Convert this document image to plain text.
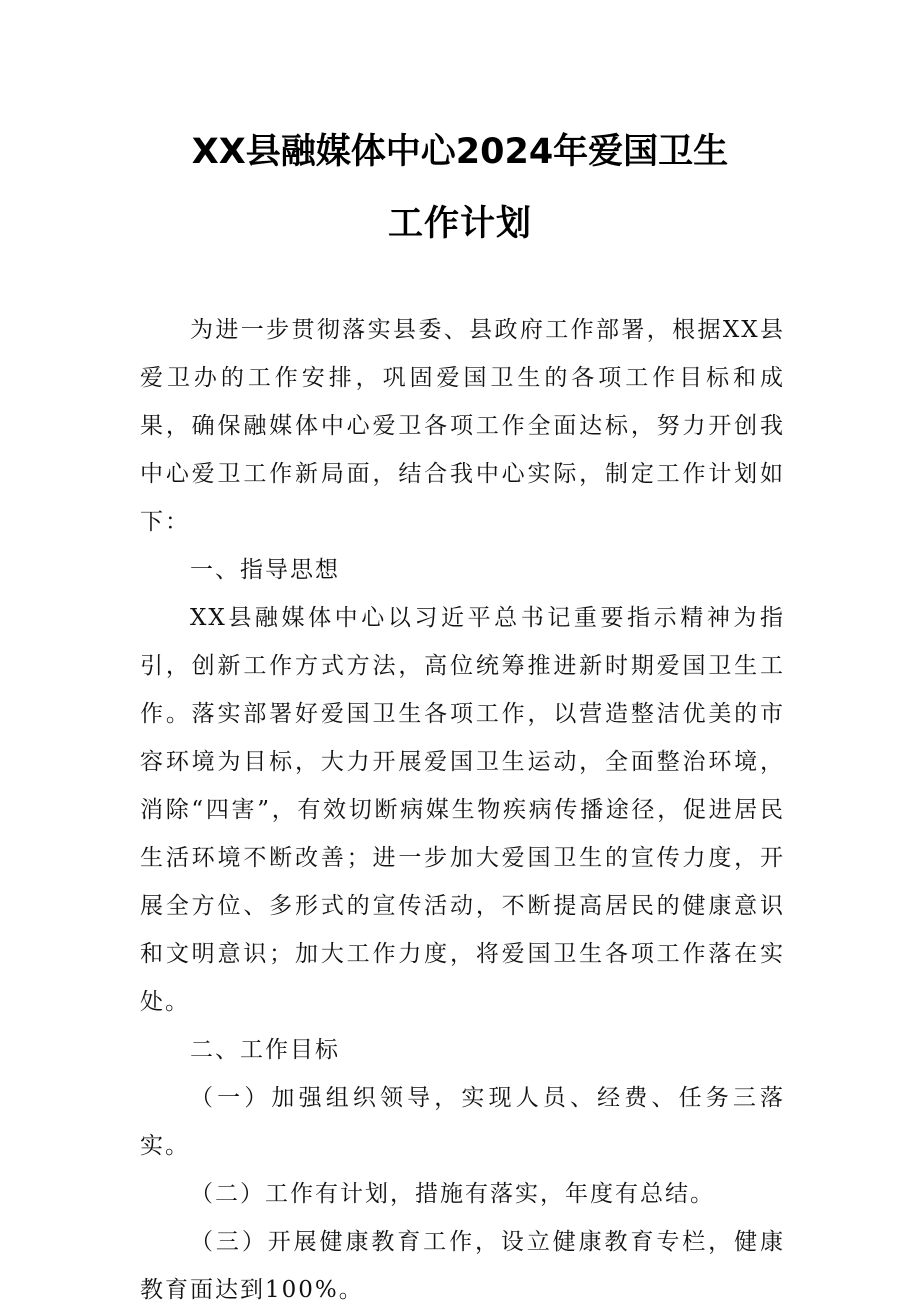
XX县融媒体中心2024年爱国卫生
工作计划

为进一步贯彻落实县委、县政府工作部署，根据XX县爱卫办的工作安排，巩固爱国卫生的各项工作目标和成果，确保融媒体中心爱卫各项工作全面达标，努力开创我中心爱卫工作新局面，结合我中心实际，制定工作计划如下：

一、指导思想

XX县融媒体中心以习近平总书记重要指示精神为指引，创新工作方式方法，高位统筹推进新时期爱国卫生工作。落实部署好爱国卫生各项工作，以营造整洁优美的市容环境为目标，大力开展爱国卫生运动，全面整治环境，消除“四害”，有效切断病媒生物疾病传播途径，促进居民生活环境不断改善；进一步加大爱国卫生的宣传力度，开展全方位、多形式的宣传活动，不断提高居民的健康意识和文明意识；加大工作力度，将爱国卫生各项工作落在实处。

二、工作目标

（一）加强组织领导，实现人员、经费、任务三落实。

（二）工作有计划，措施有落实，年度有总结。

（三）开展健康教育工作，设立健康教育专栏，健康教育面达到100%。
